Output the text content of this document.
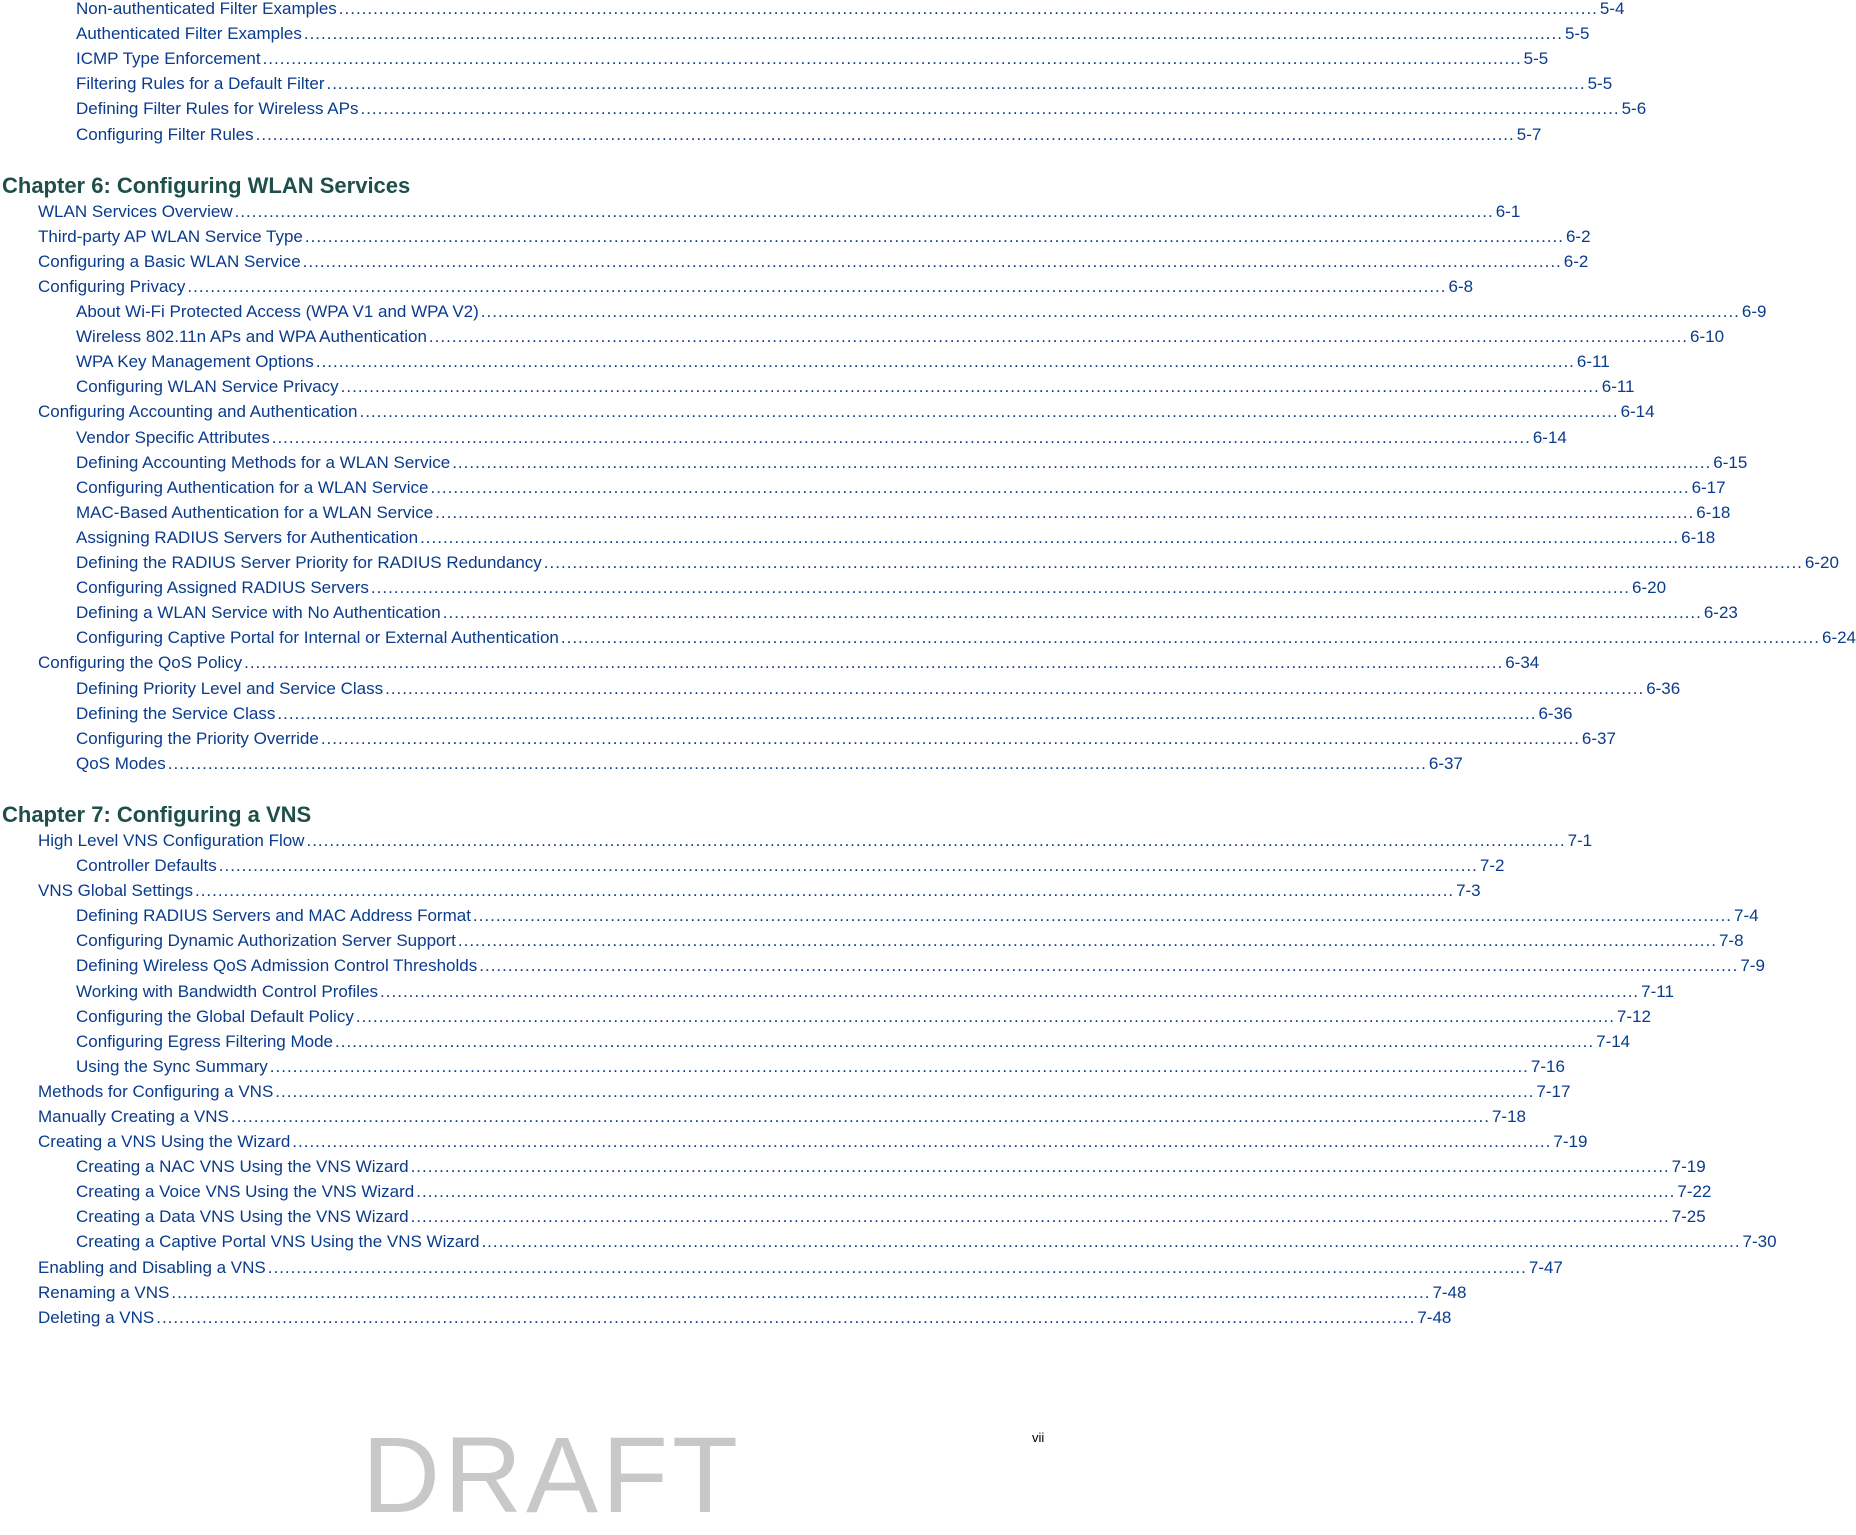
Non-authenticated Filter Examples ............................................................................................................................................................................................................................ 5-4
Authenticated Filter Examples ............................................................................................................................................................................................................................ 5-5
ICMP Type Enforcement ............................................................................................................................................................................................................................ 5-5
Filtering Rules for a Default Filter ............................................................................................................................................................................................................................ 5-5
Defining Filter Rules for Wireless APs ............................................................................................................................................................................................................................ 5-6
Configuring Filter Rules ............................................................................................................................................................................................................................ 5-7
Chapter 6: Configuring WLAN Services
WLAN Services Overview ............................................................................................................................................................................................................................ 6-1
Third-party AP WLAN Service Type ............................................................................................................................................................................................................................ 6-2
Configuring a Basic WLAN Service ............................................................................................................................................................................................................................ 6-2
Configuring Privacy ............................................................................................................................................................................................................................ 6-8
About Wi-Fi Protected Access (WPA V1 and WPA V2) ............................................................................................................................................................................................................................ 6-9
Wireless 802.11n APs and WPA Authentication ............................................................................................................................................................................................................................ 6-10
WPA Key Management Options ............................................................................................................................................................................................................................ 6-11
Configuring WLAN Service Privacy ............................................................................................................................................................................................................................ 6-11
Configuring Accounting and Authentication ............................................................................................................................................................................................................................ 6-14
Vendor Specific Attributes ............................................................................................................................................................................................................................ 6-14
Defining Accounting Methods for a WLAN Service ............................................................................................................................................................................................................................ 6-15
Configuring Authentication for a WLAN Service ............................................................................................................................................................................................................................ 6-17
MAC-Based Authentication for a WLAN Service ............................................................................................................................................................................................................................ 6-18
Assigning RADIUS Servers for Authentication ............................................................................................................................................................................................................................ 6-18
Defining the RADIUS Server Priority for RADIUS Redundancy ............................................................................................................................................................................................................................ 6-20
Configuring Assigned RADIUS Servers ............................................................................................................................................................................................................................ 6-20
Defining a WLAN Service with No Authentication ............................................................................................................................................................................................................................ 6-23
Configuring Captive Portal for Internal or External Authentication ............................................................................................................................................................................................................................ 6-24
Configuring the QoS Policy ............................................................................................................................................................................................................................ 6-34
Defining Priority Level and Service Class ............................................................................................................................................................................................................................ 6-36
Defining the Service Class ............................................................................................................................................................................................................................ 6-36
Configuring the Priority Override ............................................................................................................................................................................................................................ 6-37
QoS Modes ............................................................................................................................................................................................................................ 6-37
Chapter 7: Configuring a VNS
High Level VNS Configuration Flow ............................................................................................................................................................................................................................ 7-1
Controller Defaults ............................................................................................................................................................................................................................ 7-2
VNS Global Settings ............................................................................................................................................................................................................................ 7-3
Defining RADIUS Servers and MAC Address Format ............................................................................................................................................................................................................................ 7-4
Configuring Dynamic Authorization Server Support ............................................................................................................................................................................................................................ 7-8
Defining Wireless QoS Admission Control Thresholds ............................................................................................................................................................................................................................ 7-9
Working with Bandwidth Control Profiles ............................................................................................................................................................................................................................ 7-11
Configuring the Global Default Policy ............................................................................................................................................................................................................................ 7-12
Configuring Egress Filtering Mode ............................................................................................................................................................................................................................ 7-14
Using the Sync Summary ............................................................................................................................................................................................................................ 7-16
Methods for Configuring a VNS ............................................................................................................................................................................................................................ 7-17
Manually Creating a VNS ............................................................................................................................................................................................................................ 7-18
Creating a VNS Using the Wizard ............................................................................................................................................................................................................................ 7-19
Creating a NAC VNS Using the VNS Wizard ............................................................................................................................................................................................................................ 7-19
Creating a Voice VNS Using the VNS Wizard ............................................................................................................................................................................................................................ 7-22
Creating a Data VNS Using the VNS Wizard ............................................................................................................................................................................................................................ 7-25
Creating a Captive Portal VNS Using the VNS Wizard ............................................................................................................................................................................................................................ 7-30
Enabling and Disabling a VNS ............................................................................................................................................................................................................................ 7-47
Renaming a VNS ............................................................................................................................................................................................................................ 7-48
Deleting a VNS ............................................................................................................................................................................................................................ 7-48
vii
DRAFT
